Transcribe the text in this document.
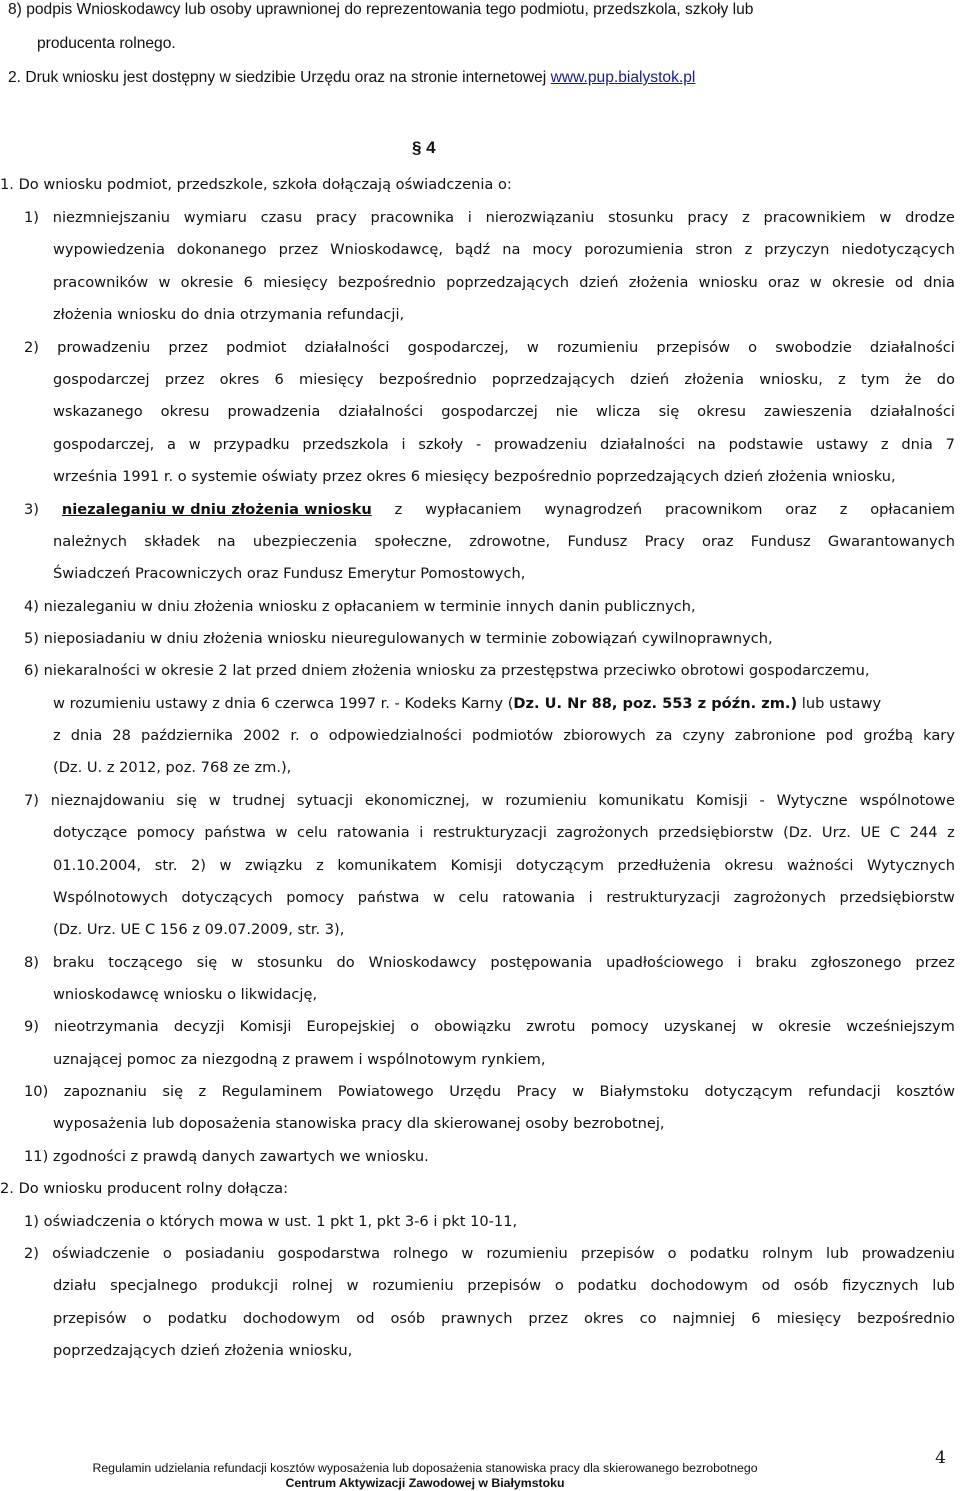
8) podpis Wnioskodawcy lub osoby uprawnionej do reprezentowania tego podmiotu, przedszkola, szkoły lub
producenta rolnego.
2. Druk wniosku jest dostępny w siedzibie Urzędu oraz na stronie internetowej www.pup.bialystok.pl
1. Do wniosku podmiot, przedszkole, szkoła dołączają oświadczenia o:
1) niezmniejszaniu wymiaru czasu pracy pracownika i nierozwiązaniu stosunku pracy z pracownikiem w drodze
wypowiedzenia dokonanego przez Wnioskodawcę, bądź na mocy porozumienia stron z przyczyn niedotyczących
pracowników w okresie 6 miesięcy bezpośrednio poprzedzających dzień złożenia wniosku oraz w okresie od dnia
złożenia wniosku do dnia otrzymania refundacji,
2) prowadzeniu przez podmiot działalności gospodarczej, w rozumieniu przepisów o swobodzie działalności
gospodarczej przez okres 6 miesięcy bezpośrednio poprzedzających dzień złożenia wniosku, z tym że do
wskazanego okresu prowadzenia działalności gospodarczej nie wlicza się okresu zawieszenia działalności
gospodarczej, a w przypadku przedszkola i szkoły - prowadzeniu działalności na podstawie ustawy z dnia 7
września 1991 r. o systemie oświaty przez okres 6 miesięcy bezpośrednio poprzedzających dzień złożenia wniosku,
3) niezaleganiu w dniu złożenia wniosku z wypłacaniem wynagrodzeń pracownikom oraz z opłacaniem
należnych składek na ubezpieczenia społeczne, zdrowotne, Fundusz Pracy oraz Fundusz Gwarantowanych
Świadczeń Pracowniczych oraz Fundusz Emerytur Pomostowych,
4) niezaleganiu w dniu złożenia wniosku z opłacaniem w terminie innych danin publicznych,
5) nieposiadaniu w dniu złożenia wniosku nieuregulowanych w terminie zobowiązań cywilnoprawnych,
6) niekaralności w okresie 2 lat przed dniem złożenia wniosku za przestępstwa przeciwko obrotowi gospodarczemu,
w rozumieniu ustawy z dnia 6 czerwca 1997 r. - Kodeks Karny (Dz. U. Nr 88, poz. 553 z późn. zm.) lub ustawy
z dnia 28 października 2002 r. o odpowiedzialności podmiotów zbiorowych za czyny zabronione pod groźbą kary
(Dz. U. z 2012, poz. 768 ze zm.),
7) nieznajdowaniu się w trudnej sytuacji ekonomicznej, w rozumieniu komunikatu Komisji - Wytyczne wspólnotowe
dotyczące pomocy państwa w celu ratowania i restrukturyzacji zagrożonych przedsiębiorstw (Dz. Urz. UE C 244 z
01.10.2004, str. 2) w związku z komunikatem Komisji dotyczącym przedłużenia okresu ważności Wytycznych
Wspólnotowych dotyczących pomocy państwa w celu ratowania i restrukturyzacji zagrożonych przedsiębiorstw
(Dz. Urz. UE C 156 z 09.07.2009, str. 3),
8) braku toczącego się w stosunku do Wnioskodawcy postępowania upadłościowego i braku zgłoszonego przez
wnioskodawcę wniosku o likwidację,
9) nieotrzymania decyzji Komisji Europejskiej o obowiązku zwrotu pomocy uzyskanej w okresie wcześniejszym
uznającej pomoc za niezgodną z prawem i wspólnotowym rynkiem,
10) zapoznaniu się z Regulaminem Powiatowego Urzędu Pracy w Białymstoku dotyczącym refundacji kosztów
wyposażenia lub doposażenia stanowiska pracy dla skierowanej osoby bezrobotnej,
11) zgodności z prawdą danych zawartych we wniosku.
2. Do wniosku producent rolny dołącza:
1) oświadczenia o których mowa w ust. 1 pkt 1, pkt 3-6 i pkt 10-11,
2) oświadczenie o posiadaniu gospodarstwa rolnego w rozumieniu przepisów o podatku rolnym lub prowadzeniu
działu specjalnego produkcji rolnej w rozumieniu przepisów o podatku dochodowym od osób fizycznych lub
przepisów o podatku dochodowym od osób prawnych przez okres co najmniej 6 miesięcy bezpośrednio
poprzedzających dzień złożenia wniosku,
§ 4
Regulamin udzielania refundacji kosztów wyposażenia lub doposażenia stanowiska pracy dla skierowanego bezrobotnego
Centrum Aktywizacji Zawodowej w Białymstoku
4
